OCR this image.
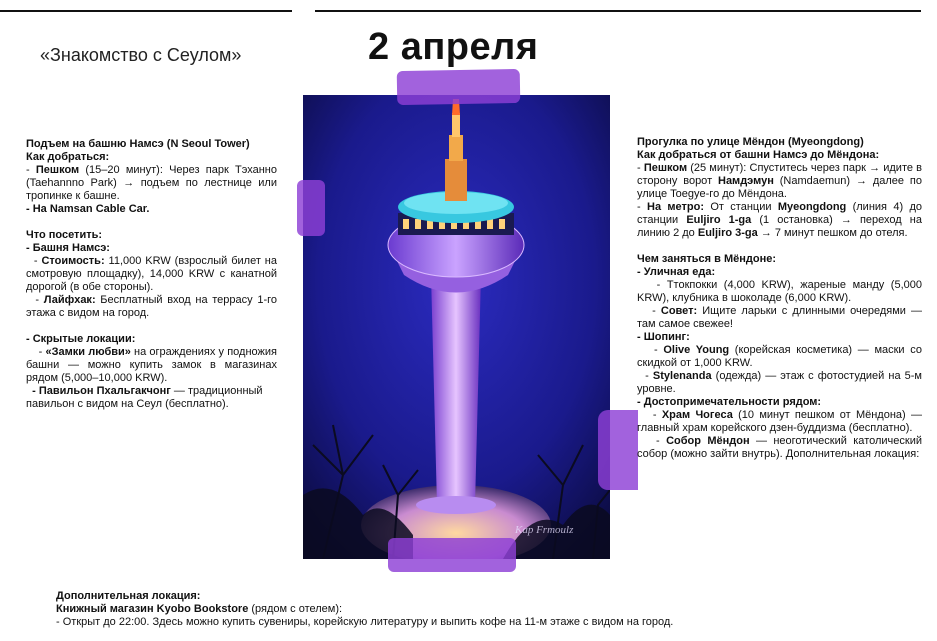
«Знакомство с Сеулом»	2 апреля

Подъем на башню Намсэ (N Seoul Tower)

Как добраться:

- Пешком (15–20 минут): Через парк Тэханно (Taehannno Park) → подъем по лестнице или тропинке к башне.

- На Namsan Cable Car.

Что посетить:

- Башня Намсэ:

- Стоимость: 11,000 KRW (взрослый билет на смотровую площадку), 14,000 KRW с канатной дорогой (в обе стороны).

- Лайфхак: Бесплатный вход на террасу 1-го этажа с видом на город.

- Скрытые локации:

- «Замки любви» на ограждениях у подножия башни — можно купить замок в магазинах рядом (5,000–10,000 KRW).

- Павильон Пхальгакчонг — традиционный павильон с видом на Сеул (бесплатно).

Kap Frmoulz

Прогулка по улице Мёндон (Myeongdong)

Как добраться от башни Намсэ до Мёндона:

- Пешком (25 минут): Спуститесь через парк → идите в сторону ворот Намдэмун (Namdaemun) → далее по улице Toegye-го до Мёндона.

- На метро: От станции Myeongdong (линия 4) до станции Euljiro 1-ga (1 остановка) → переход на линию 2 до Euljiro 3-ga → 7 минут пешком до отеля.

Чем заняться в Мёндоне:

- Уличная еда:

- Ттокпокки (4,000 KRW), жареные манду (5,000 KRW), клубника в шоколаде (6,000 KRW).

- Совет: Ищите ларьки с длинными очередями — там самое свежее!

- Шопинг:

- Olive Young (корейская косметика) — маски со скидкой от 1,000 KRW.

- Stylenanda (одежда) — этаж с фотостудией на 5-м уровне.

- Достопримечательности рядом:

- Храм Чогеса (10 минут пешком от Мёндона) — главный храм корейского дзен-буддизма (бесплатно).

- Собор Мёндон — неоготический католический собор (можно зайти внутрь). Дополнительная локация:

Дополнительная локация:

Книжный магазин Kyobo Bookstore (рядом с отелем):

- Открыт до 22:00. Здесь можно купить сувениры, корейскую литературу и выпить кофе на 11-м этаже с видом на город.
